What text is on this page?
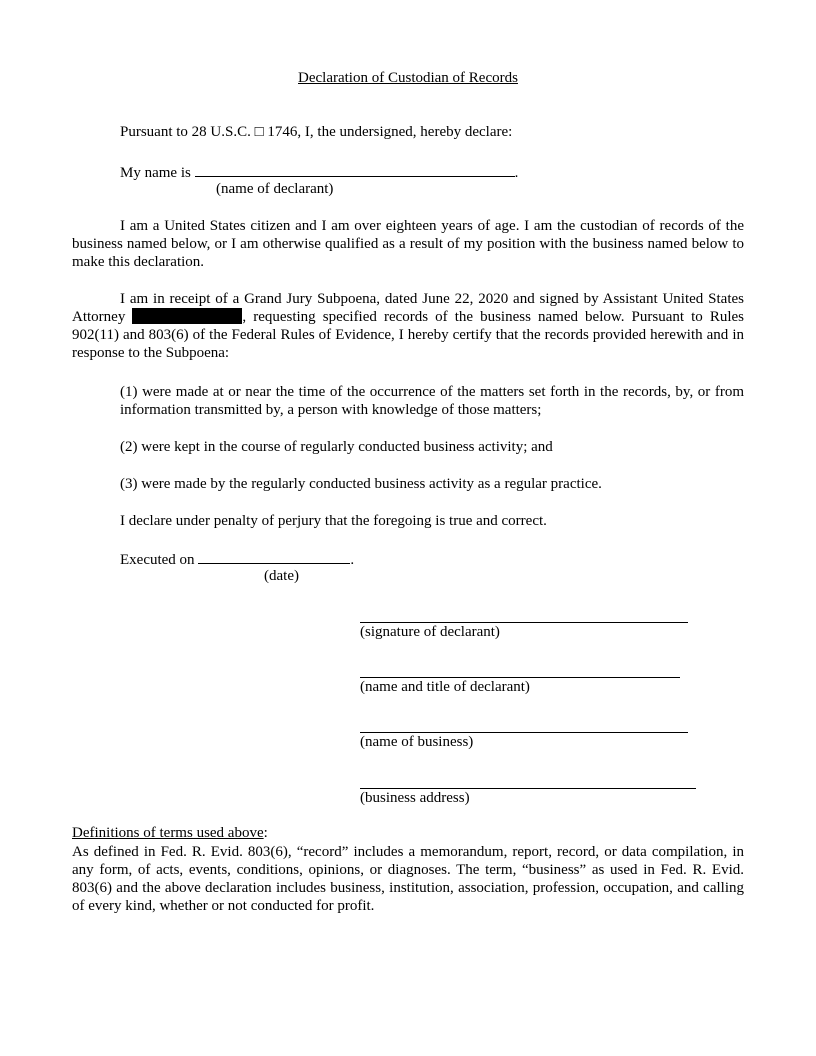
Declaration of Custodian of Records
Pursuant to 28 U.S.C. □ 1746, I, the undersigned, hereby declare:
My name is	.
(name of declarant)
I am a United States citizen and I am over eighteen years of age. I am the custodian of records of the business named below, or I am otherwise qualified as a result of my position with the business named below to make this declaration.
I am in receipt of a Grand Jury Subpoena, dated June 22, 2020 and signed by Assistant United States Attorney	, requesting specified records of the business named below. Pursuant to Rules 902(11) and 803(6) of the Federal Rules of Evidence, I hereby certify that the records provided herewith and in response to the Subpoena:
(1) were made at or near the time of the occurrence of the matters set forth in the records, by, or from information transmitted by, a person with knowledge of those matters;
(2) were kept in the course of regularly conducted business activity; and
(3) were made by the regularly conducted business activity as a regular practice.
I declare under penalty of perjury that the foregoing is true and correct.
Executed on	.
(date)
(signature of declarant)
(name and title of declarant)
(name of business)
(business address)
Definitions of terms used above:
As defined in Fed. R. Evid. 803(6), “record” includes a memorandum, report, record, or data compilation, in any form, of acts, events, conditions, opinions, or diagnoses. The term, “business” as used in Fed. R. Evid. 803(6) and the above declaration includes business, institution, association, profession, occupation, and calling of every kind, whether or not conducted for profit.
